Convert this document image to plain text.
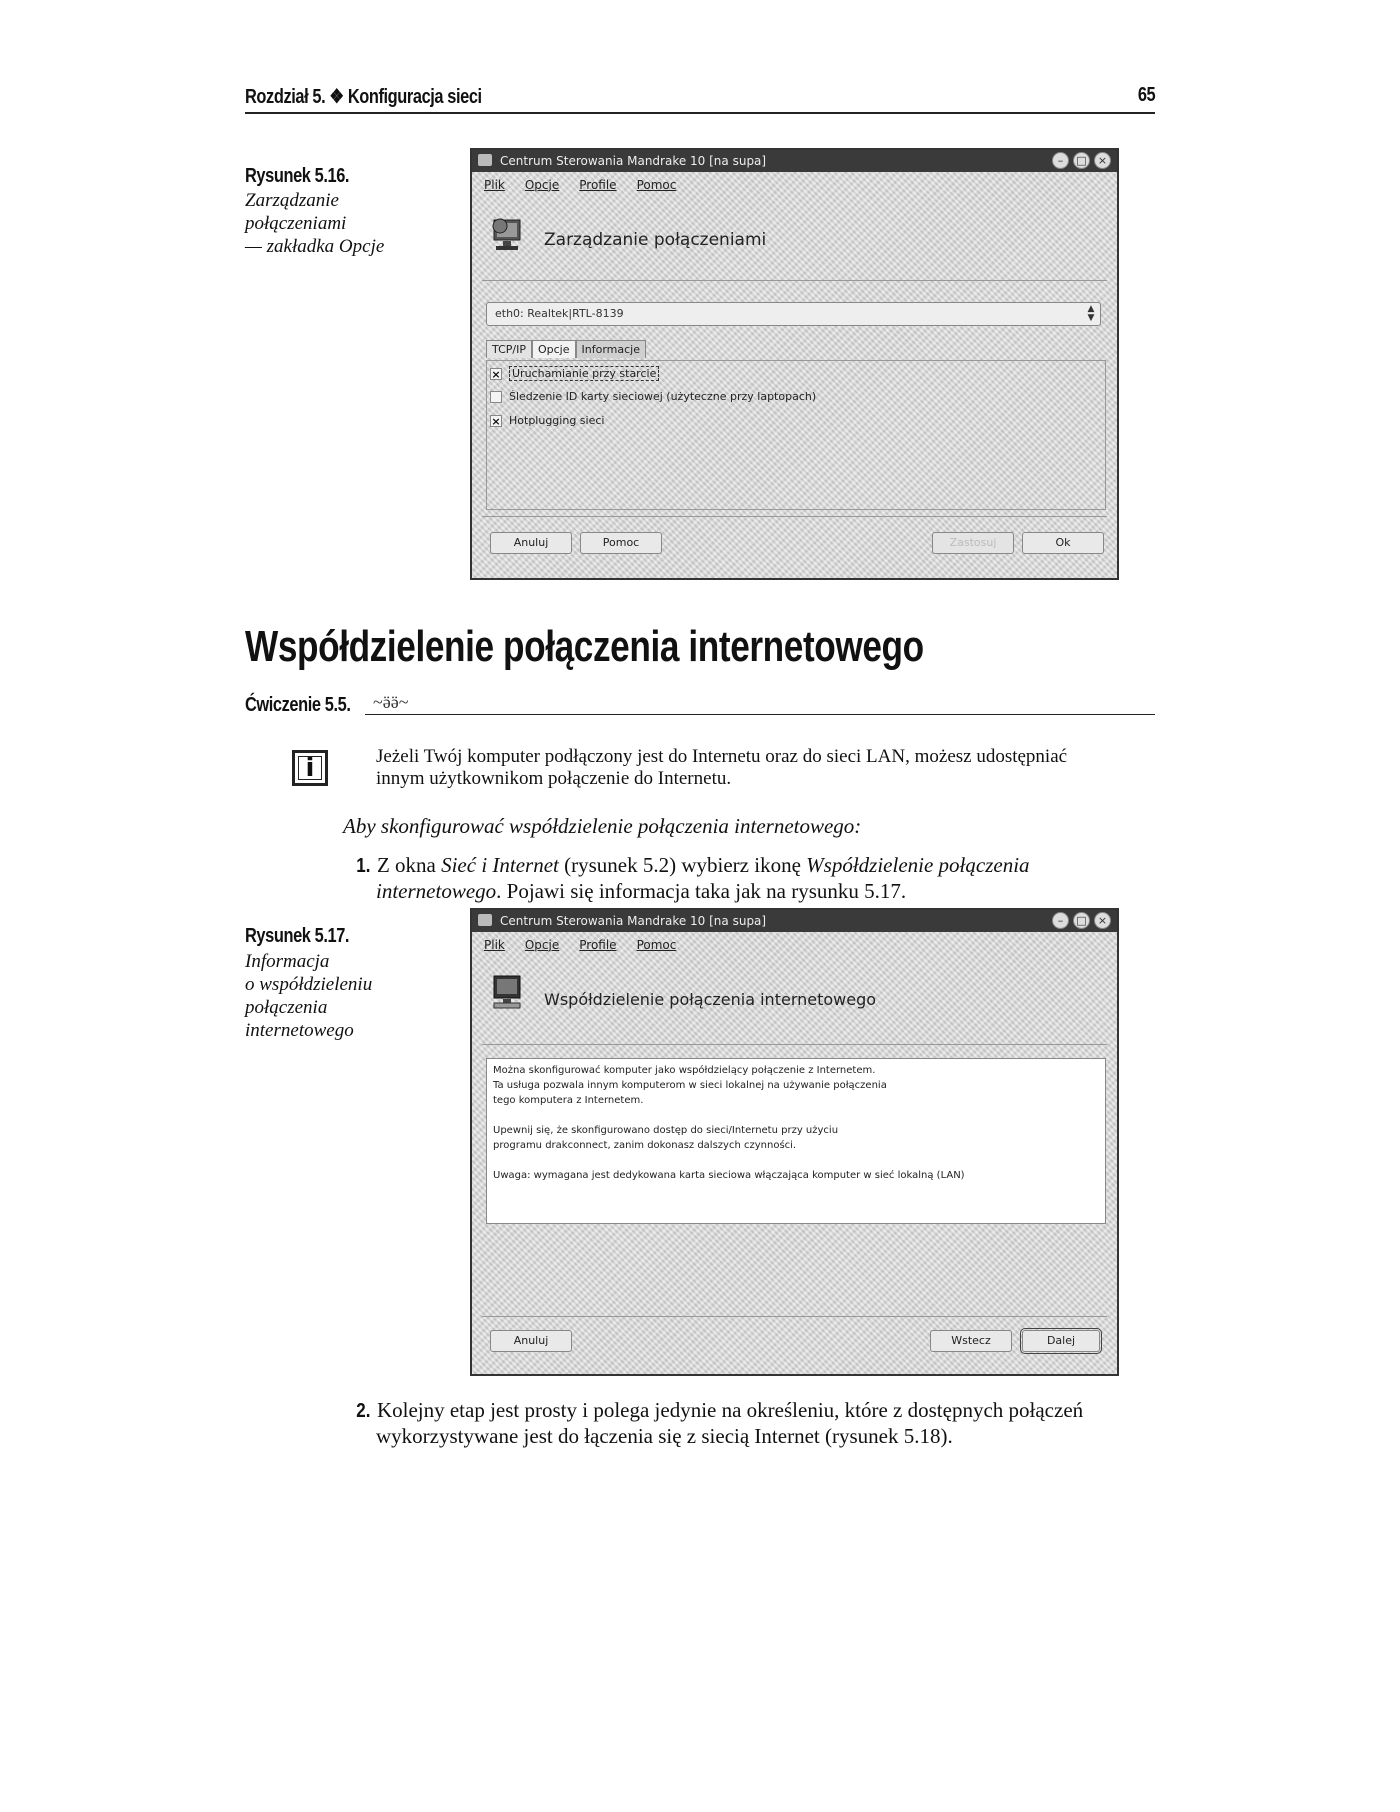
Rozdział 5. ❖ Konfiguracja sieci	65
Rysunek 5.16.
Zarządzanie
połączeniami
— zakładka Opcje
Centrum Sterowania Mandrake 10 [na supa]	–	□	×
Plik Opcje Profile Pomoc
Zarządzanie połączeniami
eth0: Realtek|RTL-8139	▲
▼
TCP/IP	Opcje	Informacje
× Uruchamianie przy starcie
Śledzenie ID karty sieciowej (użyteczne przy laptopach)
× Hotplugging sieci
Anuluj	Pomoc	Zastosuj	Ok
Współdzielenie połączenia internetowego
Ćwiczenie 5.5. ~ӛӛ~
i	Jeżeli Twój komputer podłączony jest do Internetu oraz do sieci LAN, możesz udostępniać
innym użytkownikom połączenie do Internetu.
Aby skonfigurować współdzielenie połączenia internetowego:
1. Z okna Sieć i Internet (rysunek 5.2) wybierz ikonę Współdzielenie połączenia
internetowego. Pojawi się informacja taka jak na rysunku 5.17.
Rysunek 5.17.
Informacja
o współdzieleniu
połączenia
internetowego
Centrum Sterowania Mandrake 10 [na supa]	–	□	×
Plik Opcje Profile Pomoc
Współdzielenie połączenia internetowego

Można skonfigurować komputer jako współdzielący połączenie z Internetem.

Ta usługa pozwala innym komputerom w sieci lokalnej na używanie połączenia

tego komputera z Internetem.

Upewnij się, że skonfigurowano dostęp do sieci/Internetu przy użyciu

programu drakconnect, zanim dokonasz dalszych czynności.

Uwaga: wymagana jest dedykowana karta sieciowa włączająca komputer w sieć lokalną (LAN)

Anuluj	Wstecz	Dalej
2. Kolejny etap jest prosty i polega jedynie na określeniu, które z dostępnych połączeń
wykorzystywane jest do łączenia się z siecią Internet (rysunek 5.18).
